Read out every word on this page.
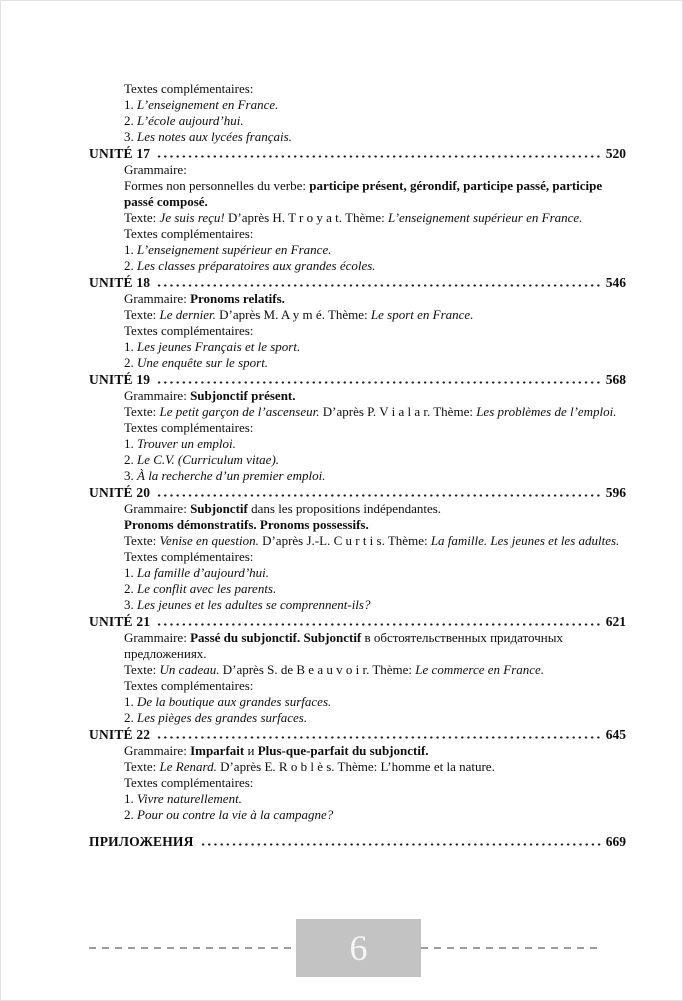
Textes complémentaires:
1. L’enseignement en France.
2. L’école aujourd’hui.
3. Les notes aux lycées français.
UNITÉ 17	520
Grammaire:
Formes non personnelles du verbe: participe présent, gérondif, participe passé, participe passé composé.
Texte: Je suis reçu! D’après H. T r o y a t. Thème: L’enseignement supérieur en France.
Textes complémentaires:
1. L’enseignement supérieur en France.
2. Les classes préparatoires aux grandes écoles.
UNITÉ 18	546
Grammaire: Pronoms relatifs.
Texte: Le dernier. D’après M. A y m é. Thème: Le sport en France.
Textes complémentaires:
1. Les jeunes Français et le sport.
2. Une enquête sur le sport.
UNITÉ 19	568
Grammaire: Subjonctif présent.
Texte: Le petit garçon de l’ascenseur. D’après P. V i a l a r. Thème: Les problèmes de l’emploi.
Textes complémentaires:
1. Trouver un emploi.
2. Le C.V. (Curriculum vitae).
3. À la recherche d’un premier emploi.
UNITÉ 20	596
Grammaire: Subjonctif dans les propositions indépendantes.
Pronoms démonstratifs. Pronoms possessifs.
Texte: Venise en question. D’après J.-L. C u r t i s. Thème: La famille. Les jeunes et les adultes.
Textes complémentaires:
1. La famille d’aujourd’hui.
2. Le conflit avec les parents.
3. Les jeunes et les adultes se comprennent-ils?
UNITÉ 21	621
Grammaire: Passé du subjonctif. Subjonctif в обстоятельственных придаточных предложениях.
Texte: Un cadeau. D’après S. de B e a u v o i r. Thème: Le commerce en France.
Textes complémentaires:
1. De la boutique aux grandes surfaces.
2. Les pièges des grandes surfaces.
UNITÉ 22	645
Grammaire: Imparfait и Plus-que-parfait du subjonctif.
Texte: Le Renard. D’après E. R o b l è s. Thème: L’homme et la nature.
Textes complémentaires:
1. Vivre naturellement.
2. Pour ou contre la vie à la campagne?
ПРИЛОЖЕНИЯ	669
6
